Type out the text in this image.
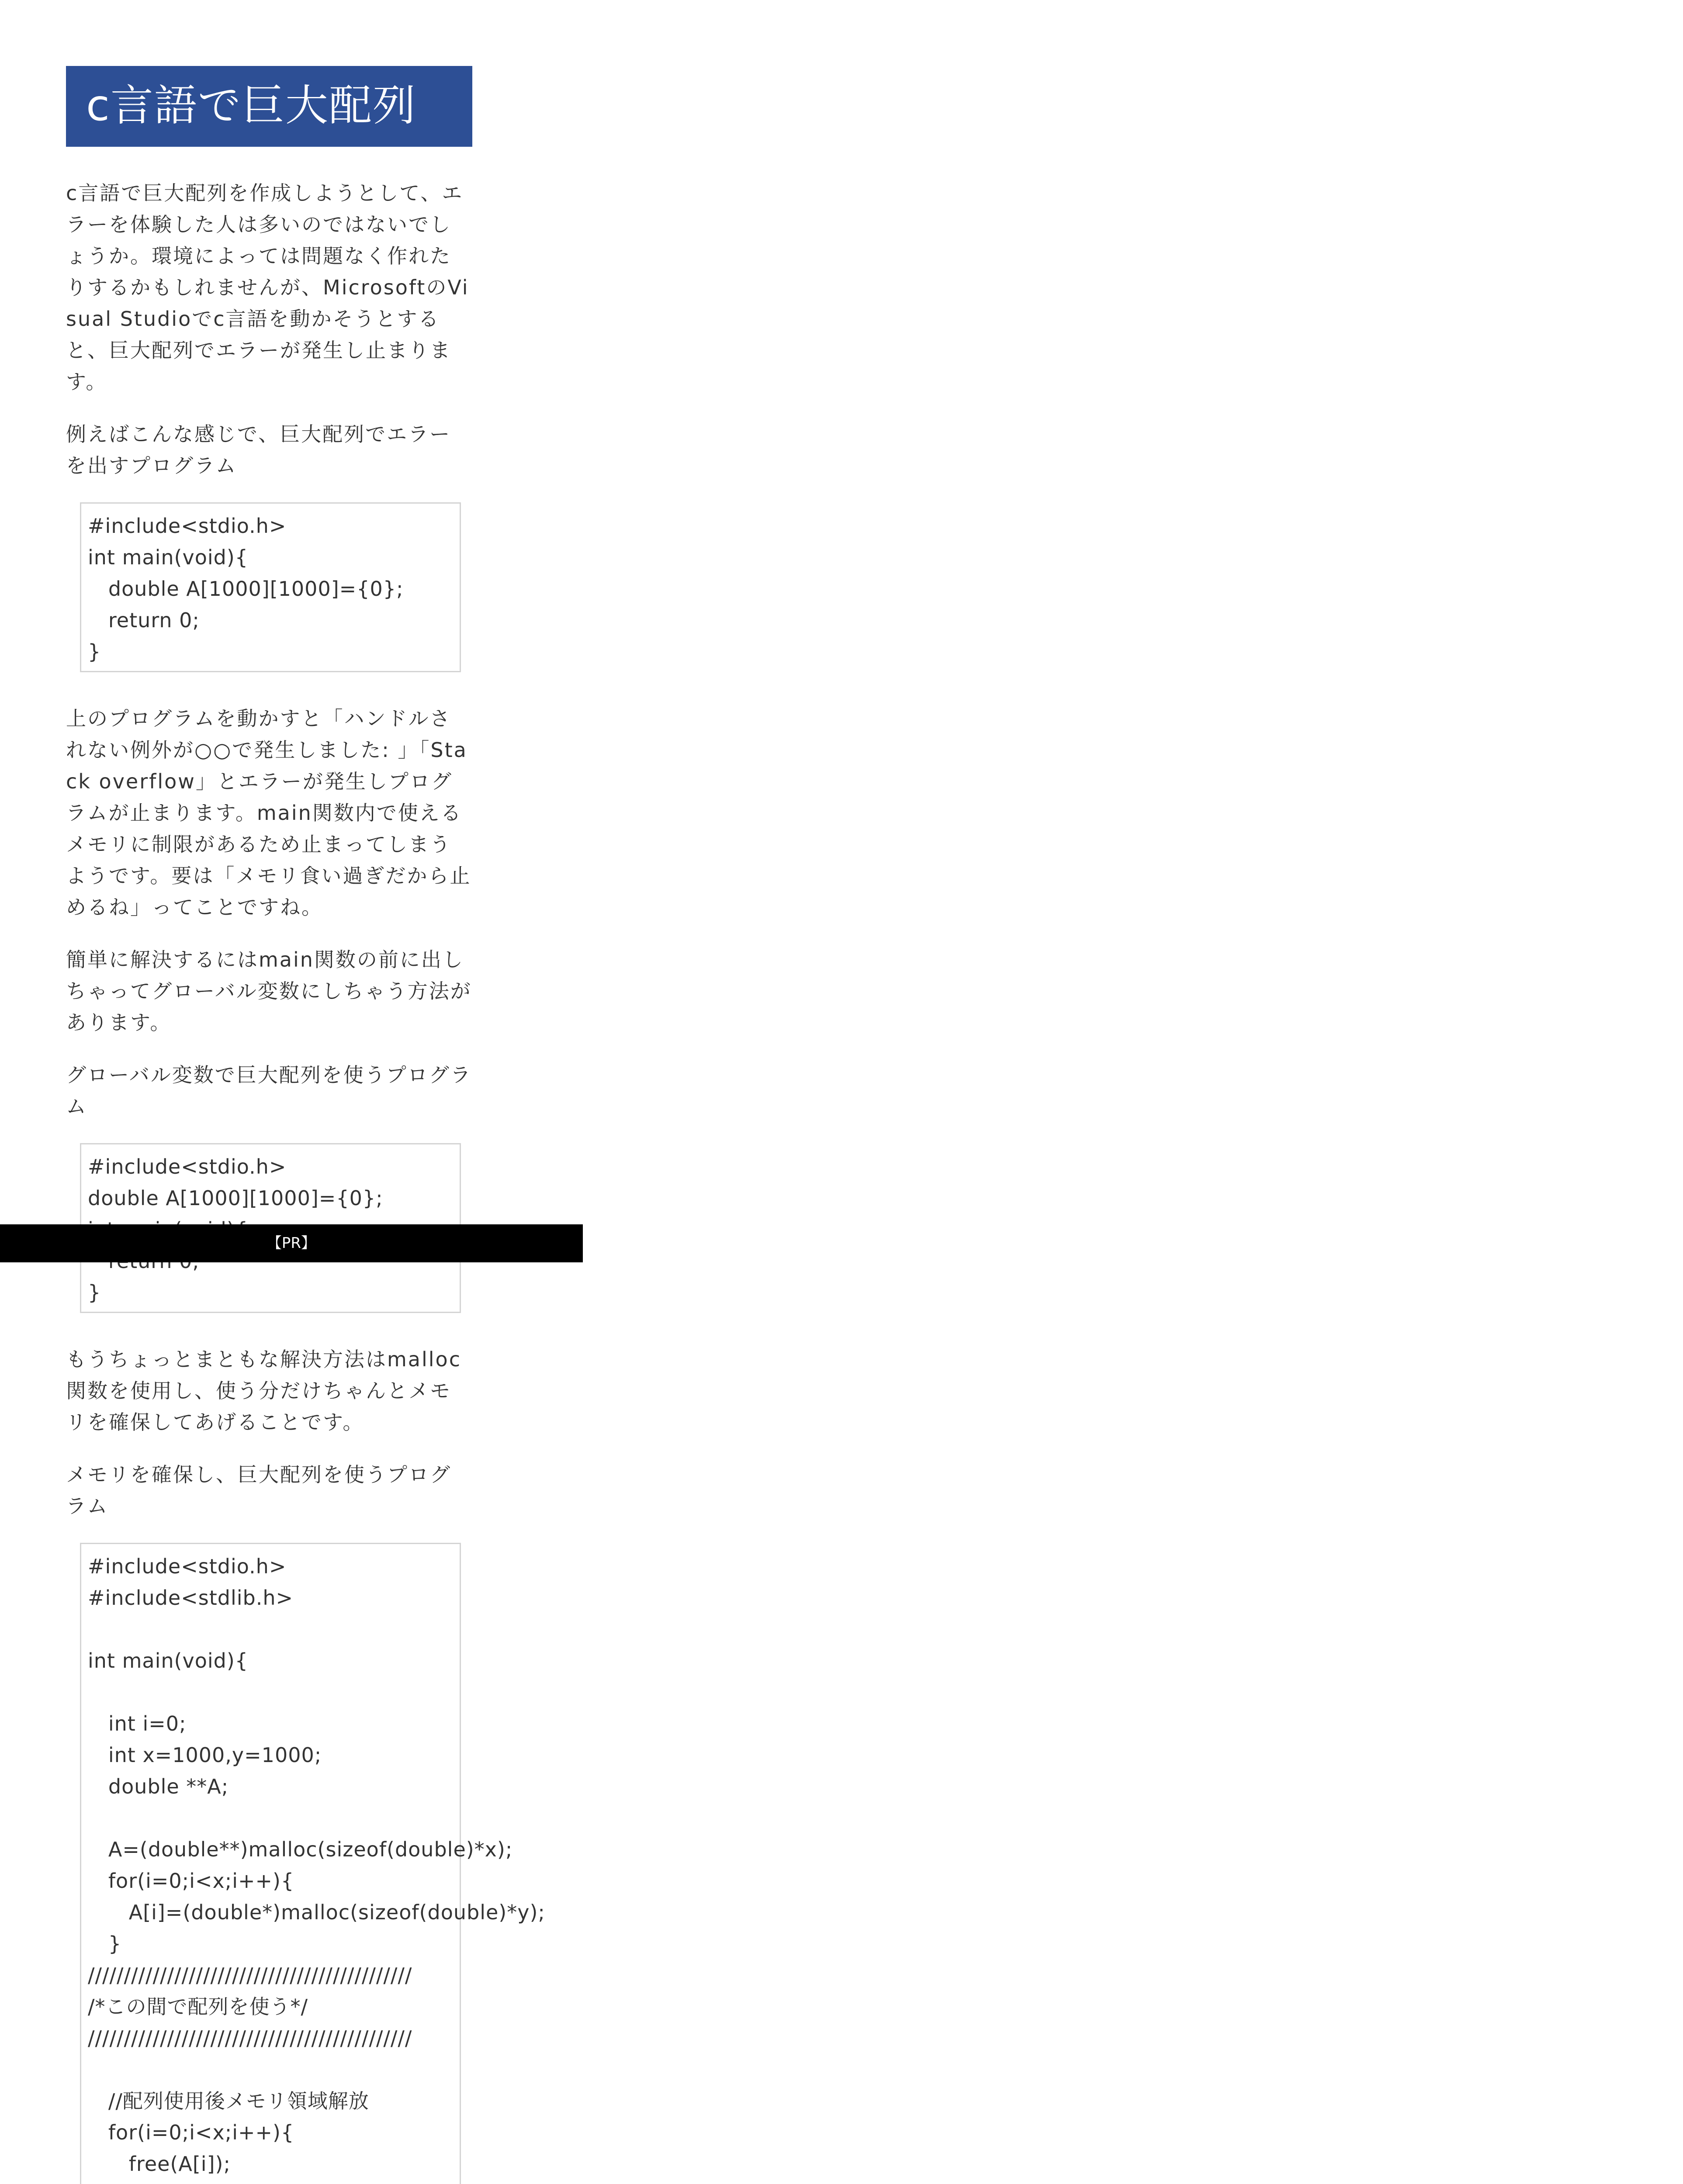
c言語で巨大配列

c言語で巨大配列を作成しようとして、エラーを体験した人は多いのではないでしょうか。環境によっては問題なく作れたりするかもしれませんが、MicrosoftのVisual Studioでc言語を動かそうとすると、巨大配列でエラーが発生し止まります。

例えばこんな感じで、巨大配列でエラーを出すプログラム

#include<stdio.h>
int main(void){
double A[1000][1000]={0};
return 0;
}

上のプログラムを動かすと「ハンドルされない例外が○○で発生しました: 」「Stack overflow」とエラーが発生しプログラムが止まります。main関数内で使えるメモリに制限があるため止まってしまうようです。要は「メモリ食い過ぎだから止めるね」ってことですね。

簡単に解決するにはmain関数の前に出しちゃってグローバル変数にしちゃう方法があります。

グローバル変数で巨大配列を使うプログラム

#include<stdio.h>
double A[1000][1000]={0};
}

もうちょっとまともな解決方法はmalloc関数を使用し、使う分だけちゃんとメモリを確保してあげることです。

メモリを確保し、巨大配列を使うプログラム

#include<stdio.h>
#include<stdlib.h>
int main(void){
int i=0;
int x=1000,y=1000;
double **A;
A=(double**)malloc(sizeof(double)*x);
for(i=0;i<x;i++){
A[i]=(double*)malloc(sizeof(double)*y);
}
/////////////////////////////////////////////
/*この間で配列を使う*/
/////////////////////////////////////////////
//配列使用後メモリ領域解放
for(i=0;i<x;i++){
free(A[i]);

【PR】
